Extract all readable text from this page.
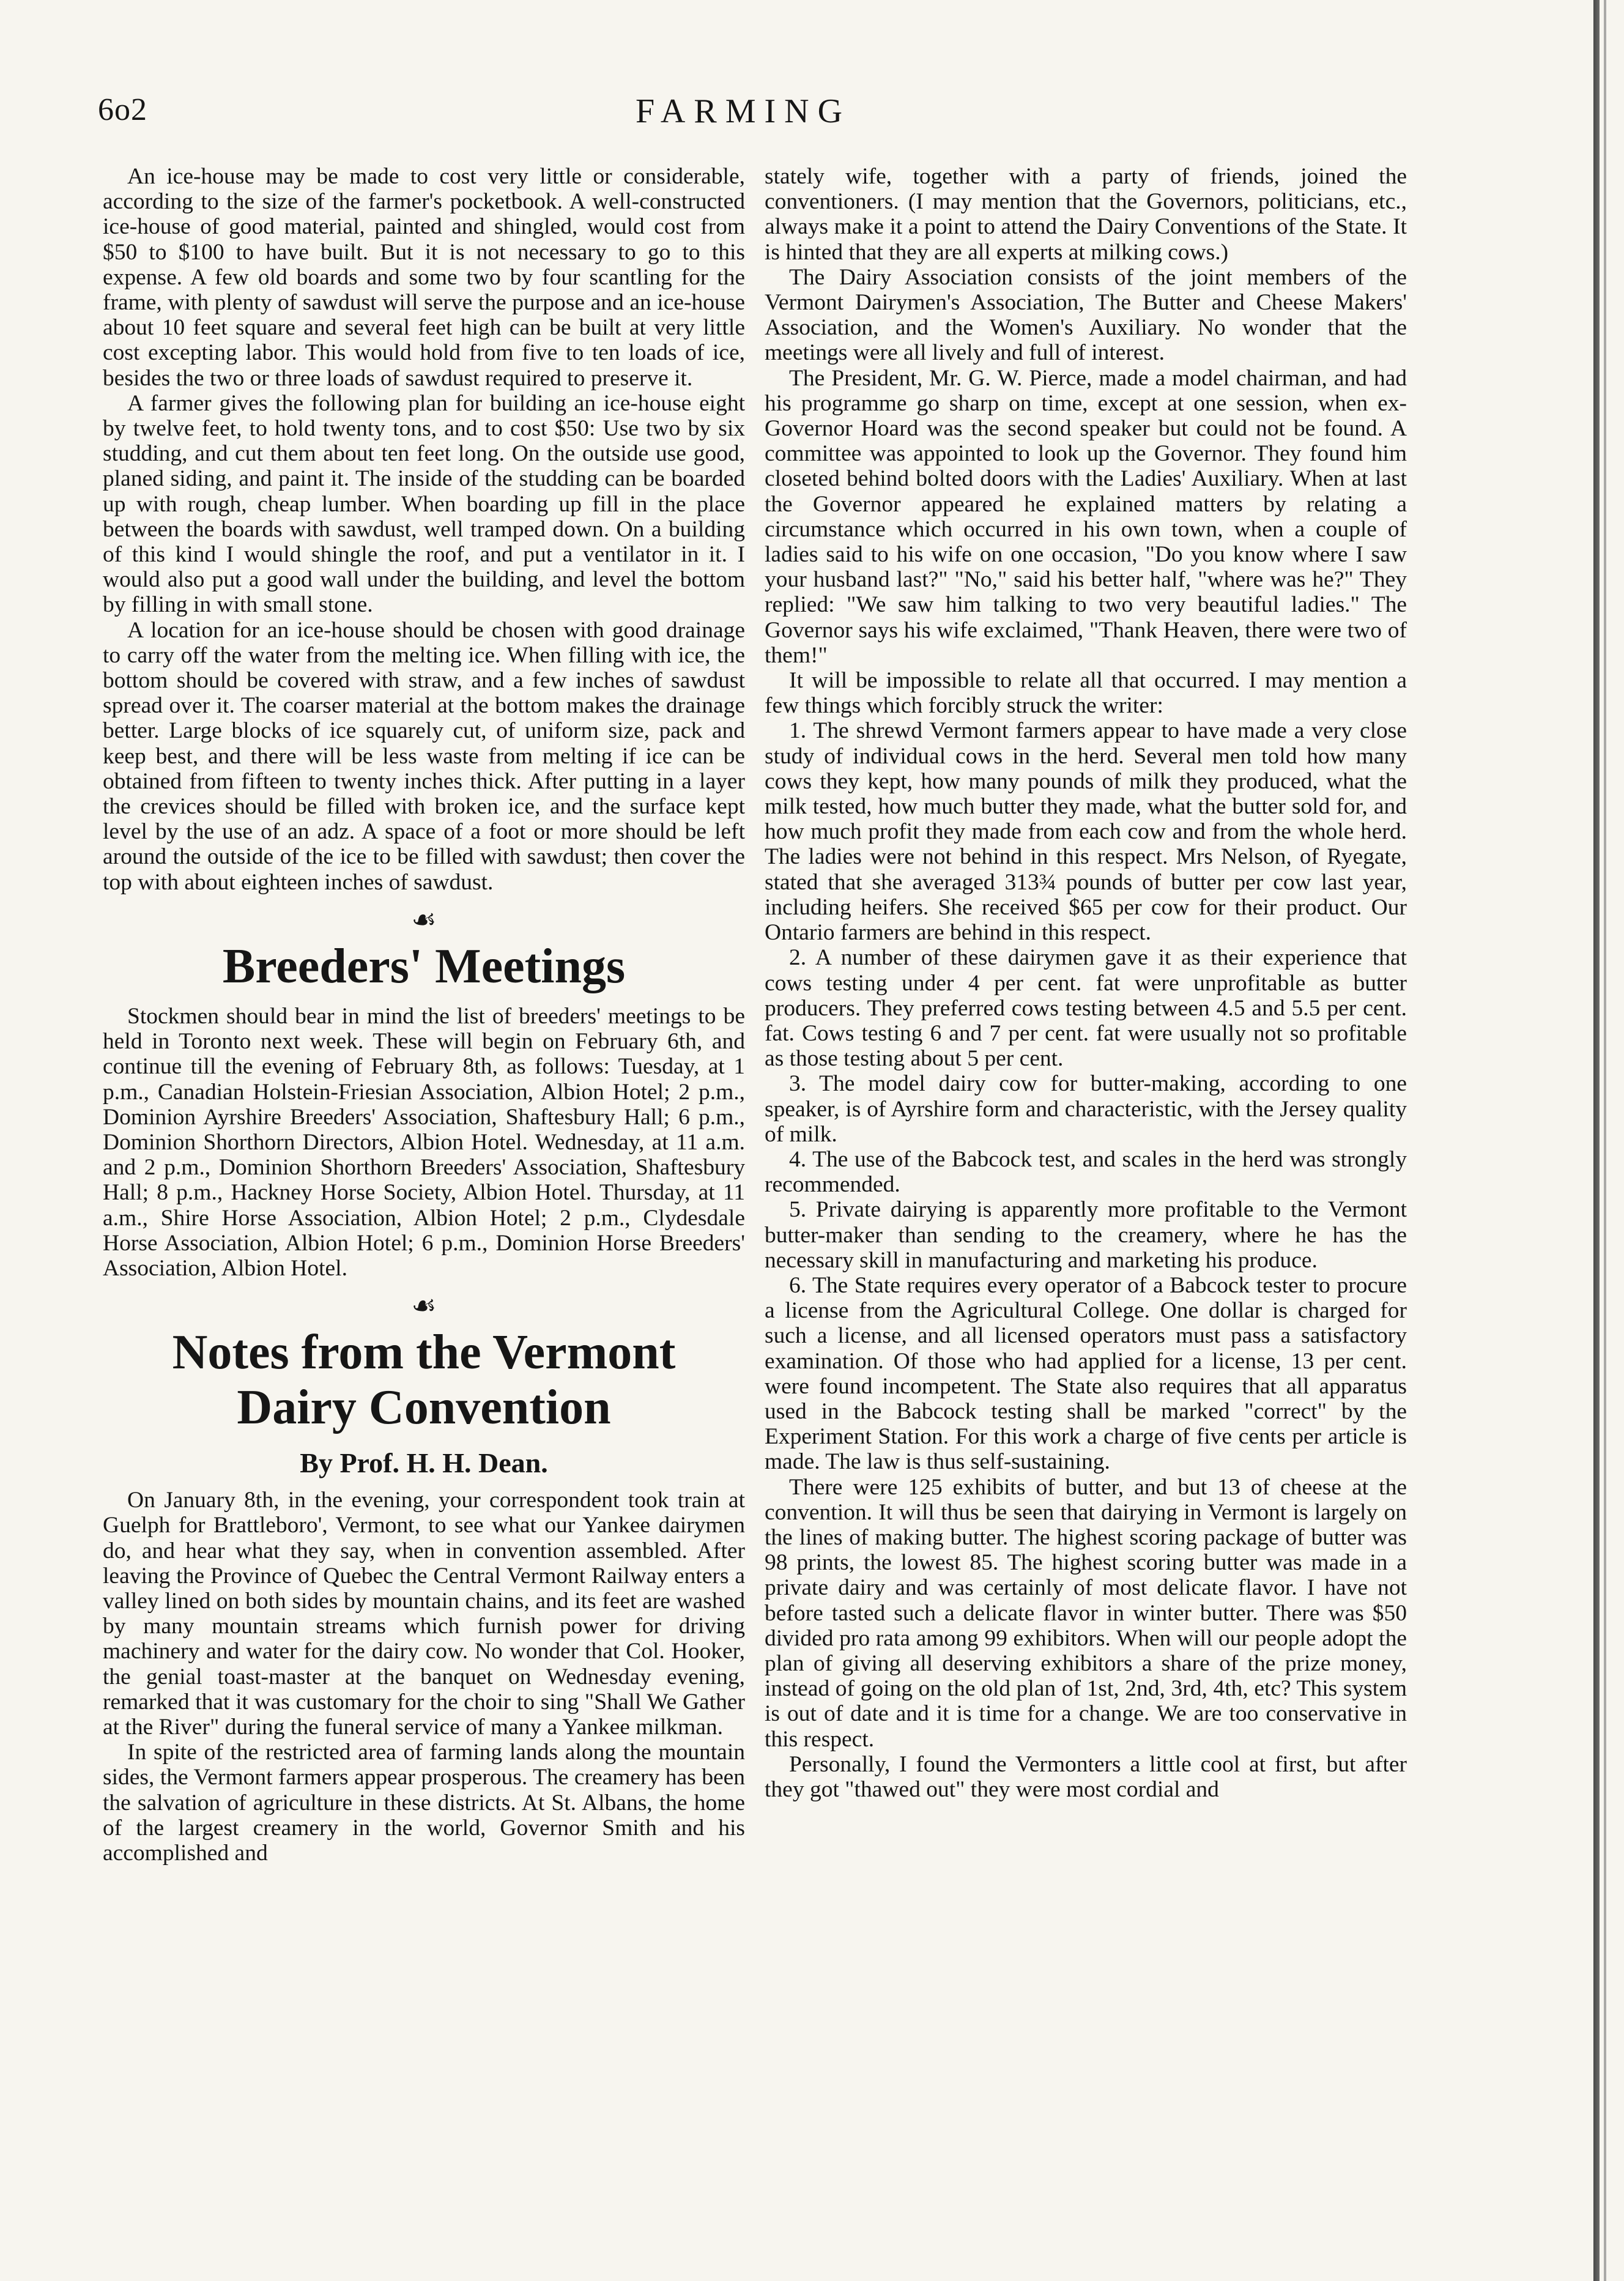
6o2	FARMING

An ice-house may be made to cost very little or considerable, according to the size of the farmer's pocketbook. A well-constructed ice-house of good material, painted and shingled, would cost from $50 to $100 to have built. But it is not necessary to go to this expense. A few old boards and some two by four scantling for the frame, with plenty of sawdust will serve the purpose and an ice-house about 10 feet square and several feet high can be built at very little cost excepting labor. This would hold from five to ten loads of ice, besides the two or three loads of sawdust required to preserve it.

A farmer gives the following plan for building an ice-house eight by twelve feet, to hold twenty tons, and to cost $50: Use two by six studding, and cut them about ten feet long. On the outside use good, planed siding, and paint it. The inside of the studding can be boarded up with rough, cheap lumber. When boarding up fill in the place between the boards with sawdust, well tramped down. On a building of this kind I would shingle the roof, and put a ventilator in it. I would also put a good wall under the building, and level the bottom by filling in with small stone.

A location for an ice-house should be chosen with good drainage to carry off the water from the melting ice. When filling with ice, the bottom should be covered with straw, and a few inches of sawdust spread over it. The coarser material at the bottom makes the drainage better. Large blocks of ice squarely cut, of uniform size, pack and keep best, and there will be less waste from melting if ice can be obtained from fifteen to twenty inches thick. After putting in a layer the crevices should be filled with broken ice, and the surface kept level by the use of an adz. A space of a foot or more should be left around the outside of the ice to be filled with sawdust; then cover the top with about eighteen inches of sawdust.

☙
Breeders' Meetings

Stockmen should bear in mind the list of breeders' meetings to be held in Toronto next week. These will begin on February 6th, and continue till the evening of February 8th, as follows: Tuesday, at 1 p.m., Canadian Holstein-Friesian Association, Albion Hotel; 2 p.m., Dominion Ayrshire Breeders' Association, Shaftesbury Hall; 6 p.m., Dominion Shorthorn Directors, Albion Hotel. Wednesday, at 11 a.m. and 2 p.m., Dominion Shorthorn Breeders' Association, Shaftesbury Hall; 8 p.m., Hackney Horse Society, Albion Hotel. Thursday, at 11 a.m., Shire Horse Association, Albion Hotel; 2 p.m., Clydesdale Horse Association, Albion Hotel; 6 p.m., Dominion Horse Breeders' Association, Albion Hotel.

☙
Notes from the Vermont
Dairy Convention
By Prof. H. H. Dean.

On January 8th, in the evening, your correspondent took train at Guelph for Brattleboro', Vermont, to see what our Yankee dairymen do, and hear what they say, when in convention assembled. After leaving the Province of Quebec the Central Vermont Railway enters a valley lined on both sides by mountain chains, and its feet are washed by many mountain streams which furnish power for driving machinery and water for the dairy cow. No wonder that Col. Hooker, the genial toast-master at the banquet on Wednesday evening, remarked that it was customary for the choir to sing "Shall We Gather at the River" during the funeral service of many a Yankee milkman.

In spite of the restricted area of farming lands along the mountain sides, the Vermont farmers appear prosperous. The creamery has been the salvation of agriculture in these districts. At St. Albans, the home of the largest creamery in the world, Governor Smith and his accomplished and

stately wife, together with a party of friends, joined the conventioners. (I may mention that the Governors, politicians, etc., always make it a point to attend the Dairy Conventions of the State. It is hinted that they are all experts at milking cows.)

The Dairy Association consists of the joint members of the Vermont Dairymen's Association, The Butter and Cheese Makers' Association, and the Women's Auxiliary. No wonder that the meetings were all lively and full of interest.

The President, Mr. G. W. Pierce, made a model chairman, and had his programme go sharp on time, except at one session, when ex-Governor Hoard was the second speaker but could not be found. A committee was appointed to look up the Governor. They found him closeted behind bolted doors with the Ladies' Auxiliary. When at last the Governor appeared he explained matters by relating a circumstance which occurred in his own town, when a couple of ladies said to his wife on one occasion, "Do you know where I saw your husband last?" "No," said his better half, "where was he?" They replied: "We saw him talking to two very beautiful ladies." The Governor says his wife exclaimed, "Thank Heaven, there were two of them!"

It will be impossible to relate all that occurred. I may mention a few things which forcibly struck the writer:

1. The shrewd Vermont farmers appear to have made a very close study of individual cows in the herd. Several men told how many cows they kept, how many pounds of milk they produced, what the milk tested, how much butter they made, what the butter sold for, and how much profit they made from each cow and from the whole herd. The ladies were not behind in this respect. Mrs Nelson, of Ryegate, stated that she averaged 313¾ pounds of butter per cow last year, including heifers. She received $65 per cow for their product. Our Ontario farmers are behind in this respect.

2. A number of these dairymen gave it as their experience that cows testing under 4 per cent. fat were unprofitable as butter producers. They preferred cows testing between 4.5 and 5.5 per cent. fat. Cows testing 6 and 7 per cent. fat were usually not so profitable as those testing about 5 per cent.

3. The model dairy cow for butter-making, according to one speaker, is of Ayrshire form and characteristic, with the Jersey quality of milk.

4. The use of the Babcock test, and scales in the herd was strongly recommended.

5. Private dairying is apparently more profitable to the Vermont butter-maker than sending to the creamery, where he has the necessary skill in manufacturing and marketing his produce.

6. The State requires every operator of a Babcock tester to procure a license from the Agricultural College. One dollar is charged for such a license, and all licensed operators must pass a satisfactory examination. Of those who had applied for a license, 13 per cent. were found incompetent. The State also requires that all apparatus used in the Babcock testing shall be marked "correct" by the Experiment Station. For this work a charge of five cents per article is made. The law is thus self-sustaining.

There were 125 exhibits of butter, and but 13 of cheese at the convention. It will thus be seen that dairying in Vermont is largely on the lines of making butter. The highest scoring package of butter was 98 prints, the lowest 85. The highest scoring butter was made in a private dairy and was certainly of most delicate flavor. I have not before tasted such a delicate flavor in winter butter. There was $50 divided pro rata among 99 exhibitors. When will our people adopt the plan of giving all deserving exhibitors a share of the prize money, instead of going on the old plan of 1st, 2nd, 3rd, 4th, etc? This system is out of date and it is time for a change. We are too conservative in this respect.

Personally, I found the Vermonters a little cool at first, but after they got "thawed out" they were most cordial and
